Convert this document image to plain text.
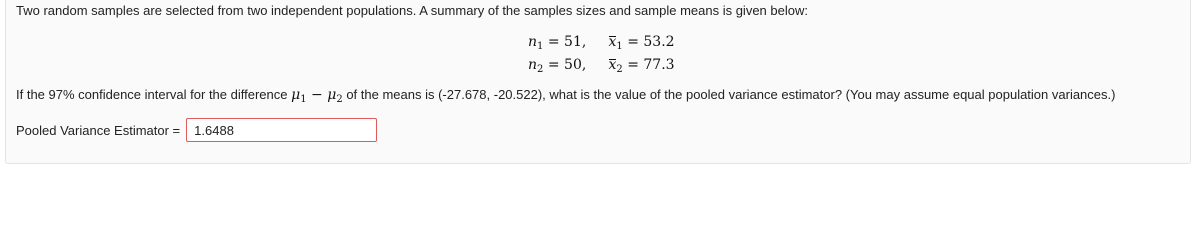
Two random samples are selected from two independent populations. A summary of the samples sizes and sample means is given below:
$n_1 = 51$, $x_1 = 53.2$
$n_2 = 50$, $x_2 = 77.3$
If the 97% confidence interval for the difference $\mu_1 - \mu_2$ of the means is (-27.678, -20.522), what is the value of the pooled variance estimator? (You may assume equal population variances.)
Pooled Variance Estimator =
1.6488
